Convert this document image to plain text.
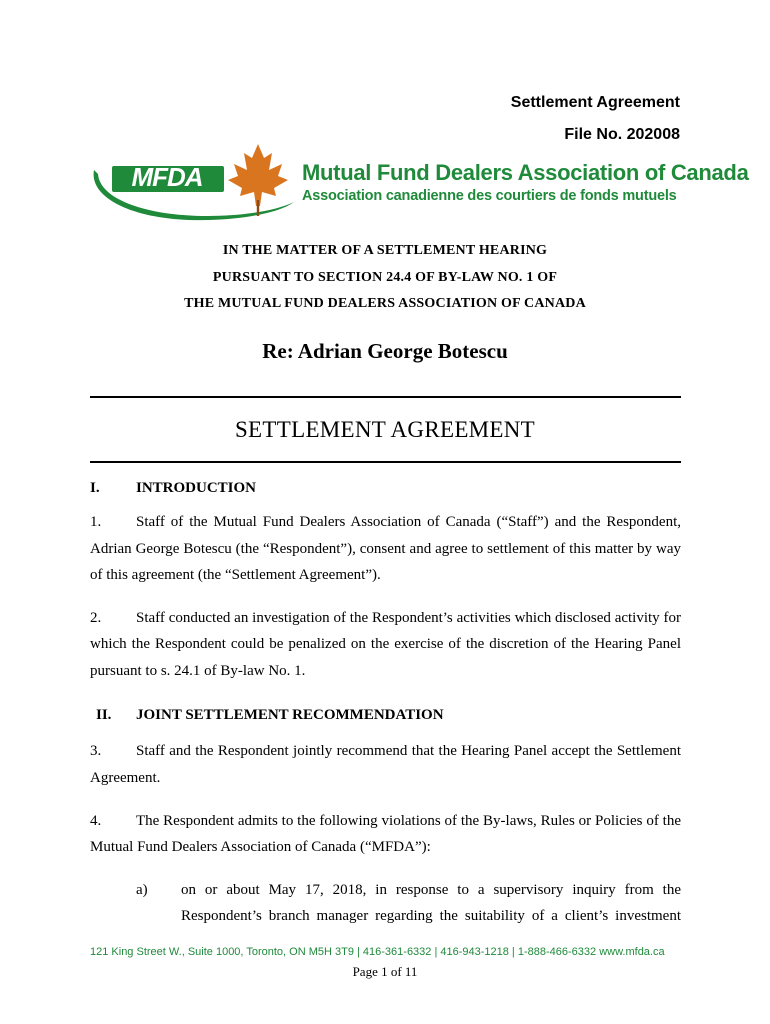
Settlement Agreement
File No. 202008
MFDA	TM	Mutual Fund Dealers Association of Canada
Association canadienne des courtiers de fonds mutuels
IN THE MATTER OF A SETTLEMENT HEARING
PURSUANT TO SECTION 24.4 OF BY-LAW NO. 1 OF
THE MUTUAL FUND DEALERS ASSOCIATION OF CANADA
Re: Adrian George Botescu
SETTLEMENT AGREEMENT
I. INTRODUCTION
1. Staff of the Mutual Fund Dealers Association of Canada (“Staff”) and the Respondent,
Adrian George Botescu (the “Respondent”), consent and agree to settlement of this matter by way
of this agreement (the “Settlement Agreement”).
2. Staff conducted an investigation of the Respondent’s activities which disclosed activity for
which the Respondent could be penalized on the exercise of the discretion of the Hearing Panel
pursuant to s. 24.1 of By-law No. 1.
II. JOINT SETTLEMENT RECOMMENDATION
3. Staff and the Respondent jointly recommend that the Hearing Panel accept the Settlement
Agreement.
4. The Respondent admits to the following violations of the By-laws, Rules or Policies of the
Mutual Fund Dealers Association of Canada (“MFDA”):
a) on or about May 17, 2018, in response to a supervisory inquiry from the
Respondent’s branch manager regarding the suitability of a client’s investment
121 King Street W., Suite 1000, Toronto, ON M5H 3T9 | 416-361-6332 | 416-943-1218 | 1-888-466-6332 www.mfda.ca
Page 1 of 11
